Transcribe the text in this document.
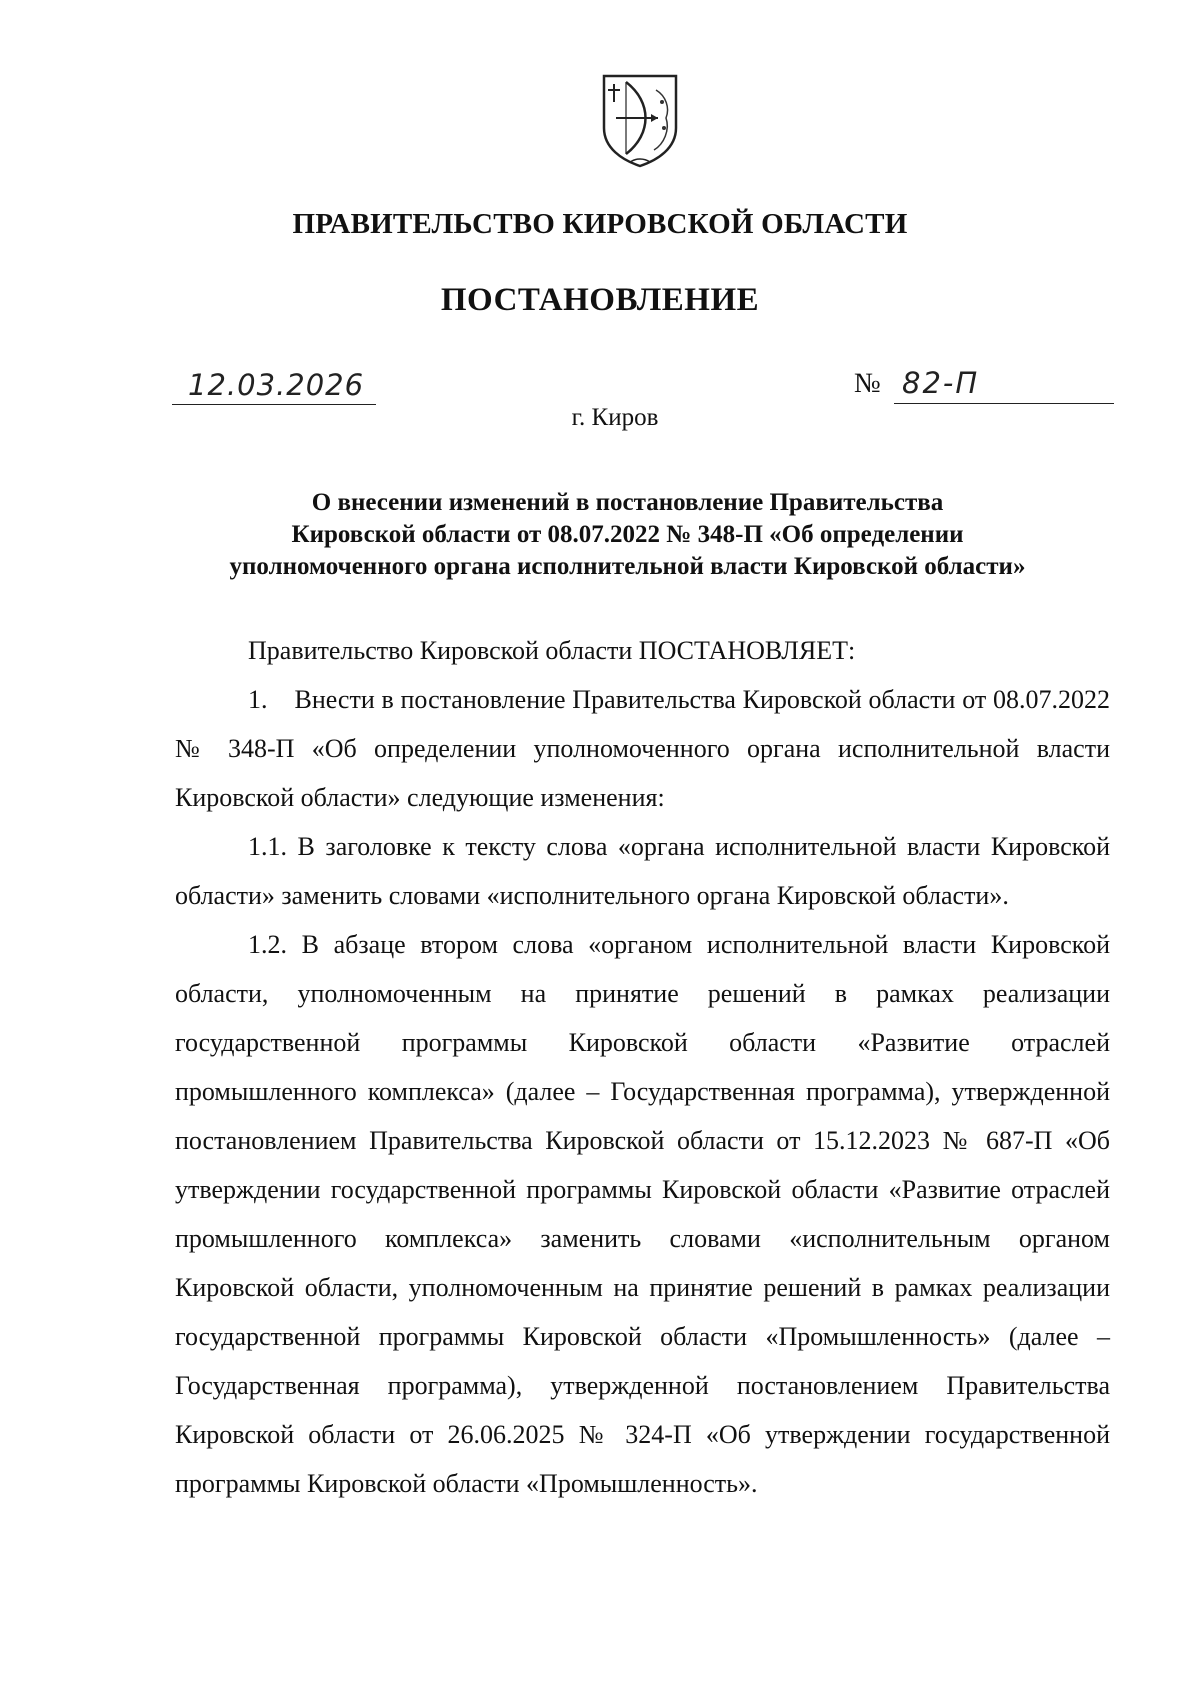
ПРАВИТЕЛЬСТВО КИРОВСКОЙ ОБЛАСТИ
ПОСТАНОВЛЕНИЕ
12.03.2026	№ 82-П
г. Киров
О внесении изменений в постановление Правительства
Кировской области от 08.07.2022 № 348-П «Об определении
уполномоченного органа исполнительной власти Кировской области»

Правительство Кировской области ПОСТАНОВЛЯЕТ:

1.    Внести в постановление Правительства Кировской области от 08.07.2022 № 348-П «Об определении уполномоченного органа исполнительной власти Кировской области» следующие изменения:

1.1. В заголовке к тексту слова «органа исполнительной власти Кировской области» заменить словами «исполнительного органа Кировской области».

1.2. В абзаце втором слова «органом исполнительной власти Кировской области, уполномоченным на принятие решений в рамках реализации государственной программы Кировской области «Развитие отраслей промышленного комплекса» (далее – Государственная программа), утвержденной постановлением Правительства Кировской области от 15.12.2023 № 687-П «Об утверждении государственной программы Кировской области «Развитие отраслей промышленного комплекса» заменить словами «исполнительным органом Кировской области, уполномоченным на принятие решений в рамках реализации государственной программы Кировской области «Промышленность» (далее – Государственная программа), утвержденной постановлением Правительства Кировской области от 26.06.2025 № 324-П «Об утверждении государственной программы Кировской области «Промышленность».
